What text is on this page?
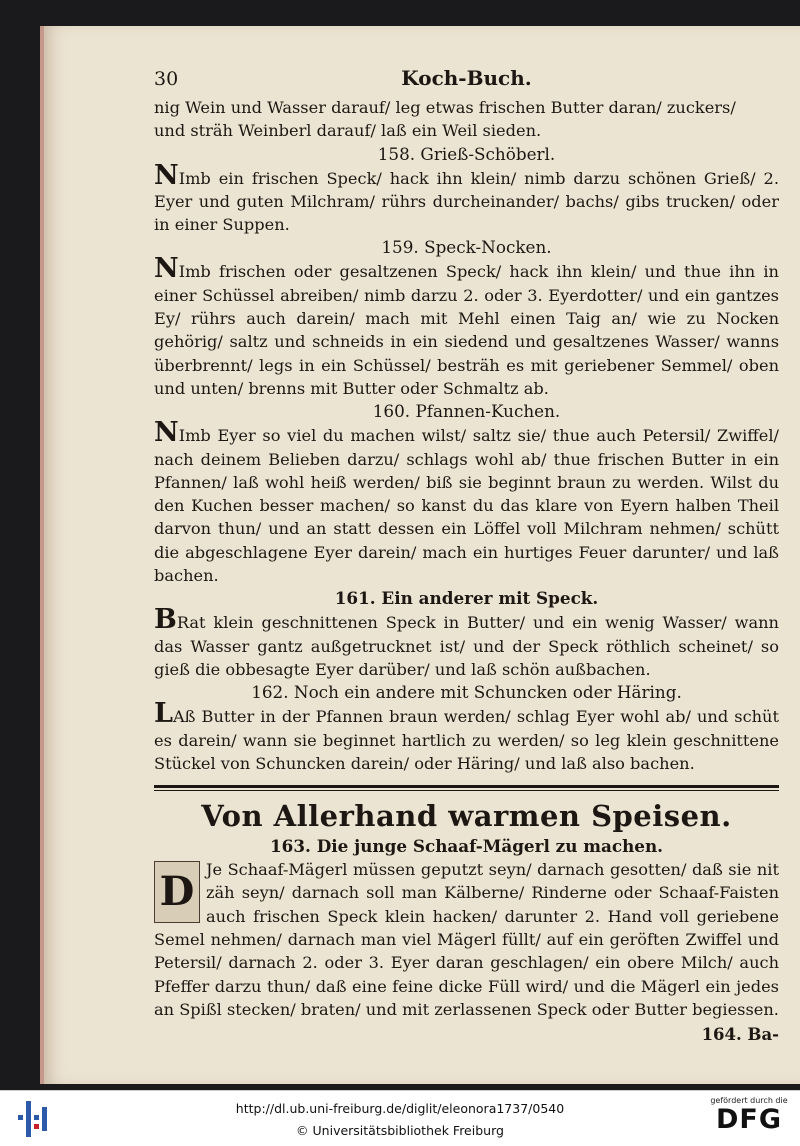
30	Koch-Buch.

nig Wein und Wasser darauf/ leg etwas frischen Butter daran/ zuckers/

und sträh Weinberl darauf/ laß ein Weil sieden.

158. Grieß-Schöberl.

NImb ein frischen Speck/ hack ihn klein/ nimb darzu schönen Grieß/ 2. Eyer und guten Milchram/ rührs durcheinander/ bachs/ gibs trucken/ oder in einer Suppen.

159. Speck-Nocken.

NImb frischen oder gesaltzenen Speck/ hack ihn klein/ und thue ihn in einer Schüssel abreiben/ nimb darzu 2. oder 3. Eyerdotter/ und ein gantzes Ey/ rührs auch darein/ mach mit Mehl einen Taig an/ wie zu Nocken gehörig/ saltz und schneids in ein siedend und gesaltzenes Wasser/ wanns überbrennt/ legs in ein Schüssel/ besträh es mit geriebener Semmel/ oben und unten/ brenns mit Butter oder Schmaltz ab.

160. Pfannen-Kuchen.

NImb Eyer so viel du machen wilst/ saltz sie/ thue auch Petersil/ Zwiffel/ nach deinem Belieben darzu/ schlags wohl ab/ thue frischen Butter in ein Pfannen/ laß wohl heiß werden/ biß sie beginnt braun zu werden. Wilst du den Kuchen besser machen/ so kanst du das klare von Eyern halben Theil darvon thun/ und an statt dessen ein Löffel voll Milchram nehmen/ schütt die abgeschlagene Eyer darein/ mach ein hurtiges Feuer darunter/ und laß bachen.

161. Ein anderer mit Speck.

BRat klein geschnittenen Speck in Butter/ und ein wenig Wasser/ wann das Wasser gantz außgetrucknet ist/ und der Speck röthlich scheinet/ so gieß die obbesagte Eyer darüber/ und laß schön außbachen.

162. Noch ein andere mit Schuncken oder Häring.

LAß Butter in der Pfannen braun werden/ schlag Eyer wohl ab/ und schüt es darein/ wann sie beginnet hartlich zu werden/ so leg klein geschnittene Stückel von Schuncken darein/ oder Häring/ und laß also bachen.

Von Allerhand warmen Speisen.

163. Die junge Schaaf-Mägerl zu machen.

D Je Schaaf-Mägerl müssen geputzt seyn/ darnach gesotten/ daß sie nit zäh seyn/ darnach soll man Kälberne/ Rinderne oder Schaaf-Faisten auch frischen Speck klein hacken/ darunter 2. Hand voll geriebene Semel nehmen/ darnach man viel Mägerl füllt/ auf ein geröften Zwiffel und Petersil/ darnach 2. oder 3. Eyer daran geschlagen/ ein obere Milch/ auch Pfeffer darzu thun/ daß eine feine dicke Füll wird/ und die Mägerl ein jedes an Spißl stecken/ braten/ und mit zerlassenen Speck oder Butter begiessen.

164. Ba-
http://dl.ub.uni-freiburg.de/diglit/eleonora1737/0540
© Universitätsbibliothek Freiburg
gefördert durch die
DFG
